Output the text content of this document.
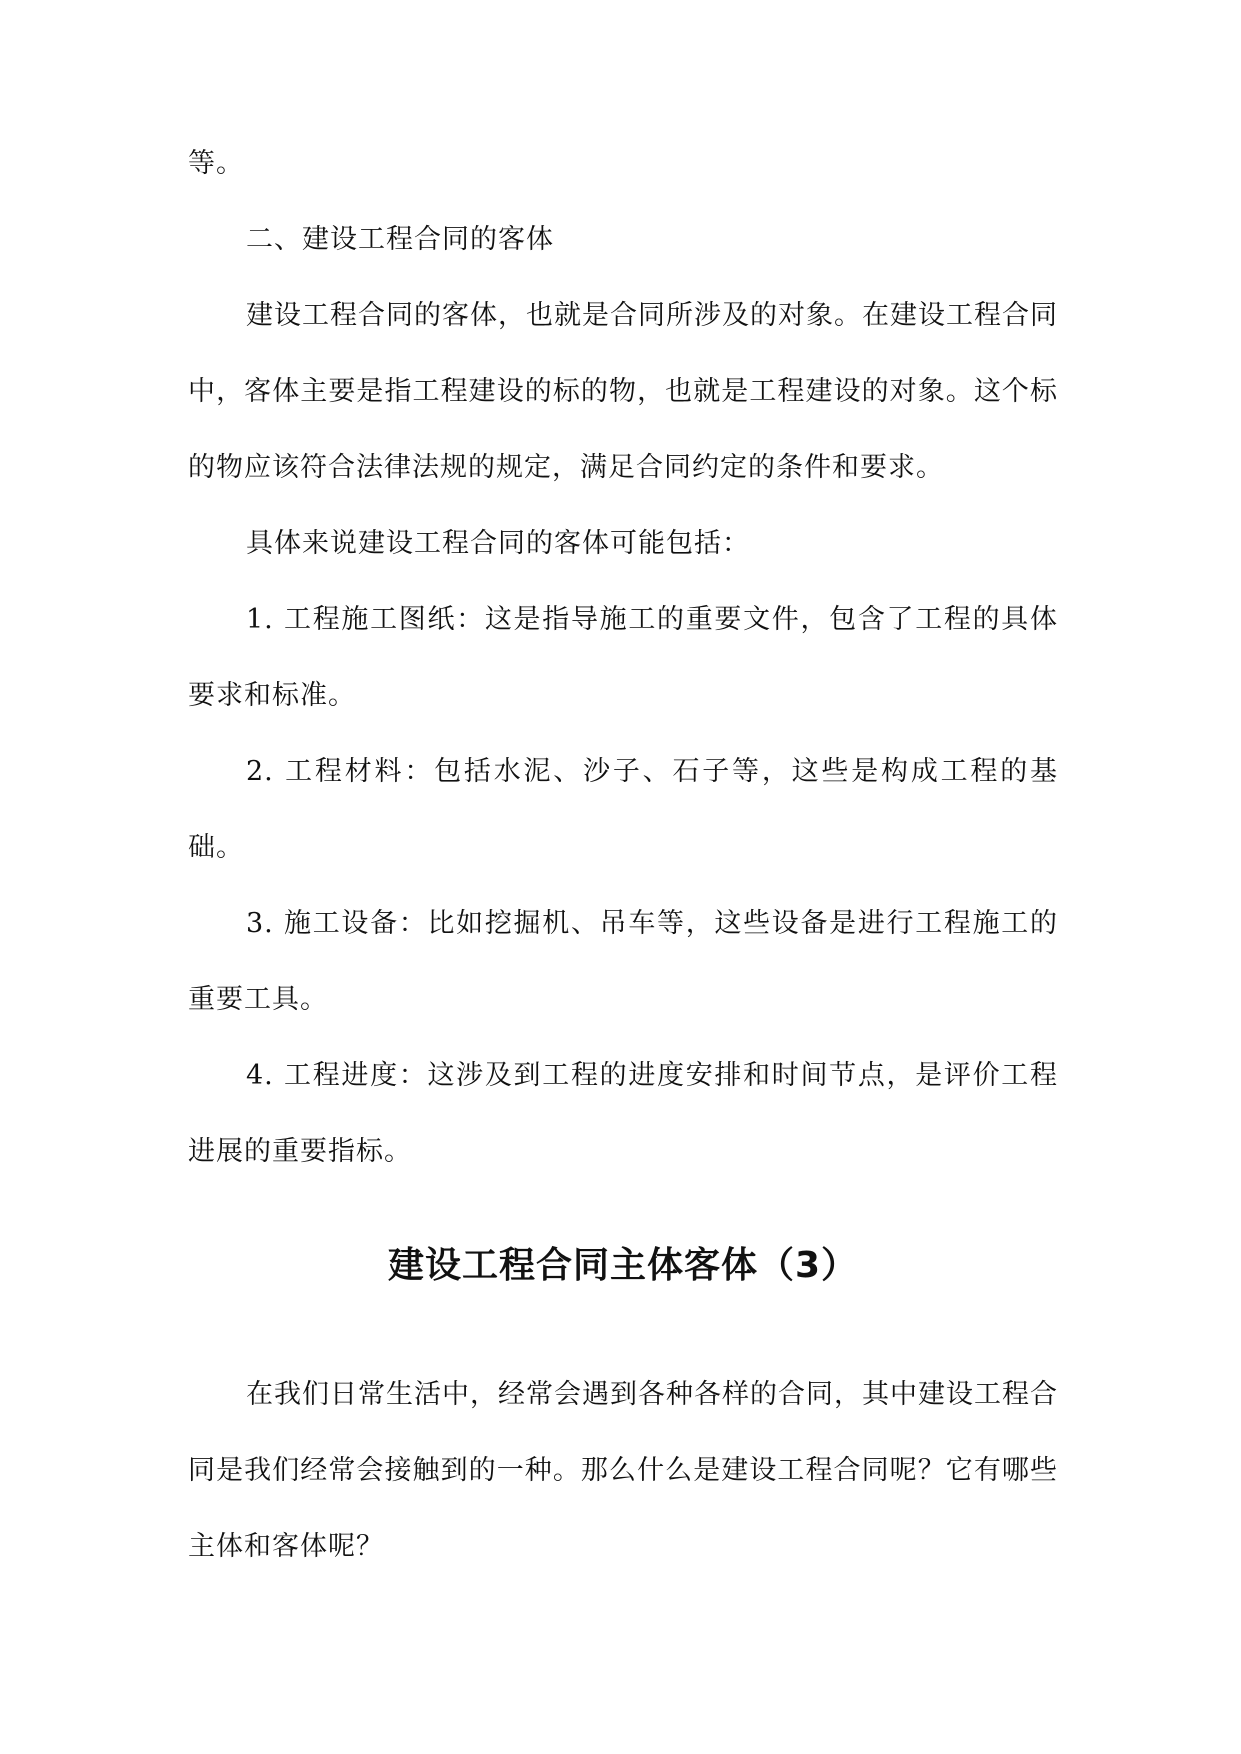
等。

二、建设工程合同的客体

建设工程合同的客体，也就是合同所涉及的对象。在建设工程合同中，客体主要是指工程建设的标的物，也就是工程建设的对象。这个标的物应该符合法律法规的规定，满足合同约定的条件和要求。

具体来说建设工程合同的客体可能包括：

1. 工程施工图纸：这是指导施工的重要文件，包含了工程的具体要求和标准。

2. 工程材料：包括水泥、沙子、石子等，这些是构成工程的基础。

3. 施工设备：比如挖掘机、吊车等，这些设备是进行工程施工的重要工具。

4. 工程进度：这涉及到工程的进度安排和时间节点，是评价工程进展的重要指标。

建设工程合同主体客体（3）

在我们日常生活中，经常会遇到各种各样的合同，其中建设工程合同是我们经常会接触到的一种。那么什么是建设工程合同呢？它有哪些主体和客体呢？
